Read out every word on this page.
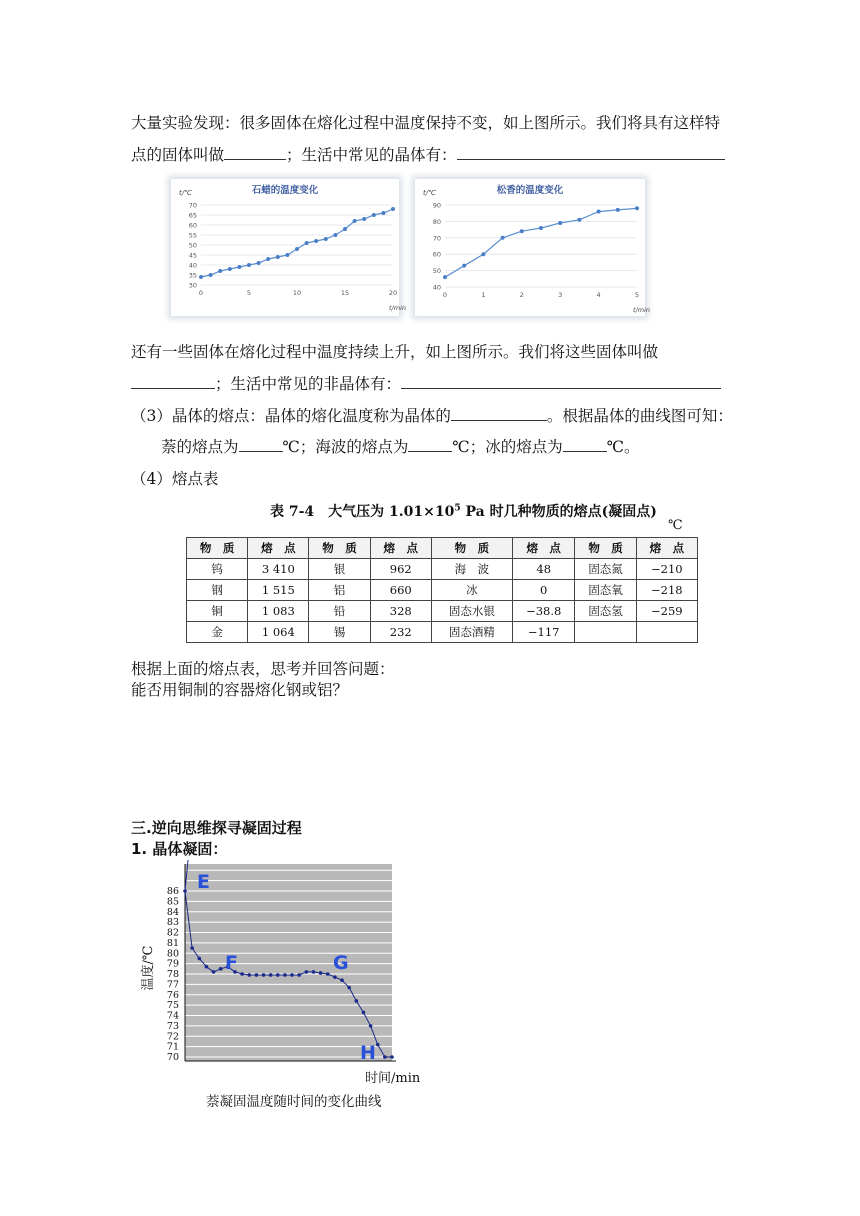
大量实验发现：很多固体在熔化过程中温度保持不变，如上图所示。我们将具有这样特
点的固体叫做	；生活中常见的晶体有：
石蜡的温度变化
t/℃
t/min
30
35
40
45
50
55
60
65
70
0	5	10	15	20
松香的温度变化
t/℃
t/min
40
50
60
70
80
90
0	1	2	3	4	5
还有一些固体在熔化过程中温度持续上升，如上图所示。我们将这些固体叫做
；生活中常见的非晶体有：
（3）晶体的熔点：晶体的熔化温度称为晶体的	。根据晶体的曲线图可知：
萘的熔点为	℃；海波的熔点为	℃；冰的熔点为	℃。
（4）熔点表
表 7-4　大气压为 $1.01\times 10^5$ Pa 时几种物质的熔点(凝固点)
℃
物　质	熔　点	物　质	熔　点	物　质	熔　点	物　质	熔　点
钨	3 410	银	962	海　波	48	固态氮	−210
钢	1 515	铝	660	冰	0	固态氧	−218
铜	1 083	铅	328	固态水银	−38.8	固态氢	−259
金	1 064	锡	232	固态酒精	−117		
根据上面的熔点表，思考并回答问题：
能否用铜制的容器熔化钢或铝？
三.逆向思维探寻凝固过程
1. 晶体凝固：
70
71
72
73
74
75
76
77
78
79
80
81
82
83
84
85
86
温度/℃
时间/min
E
F	G
H
萘凝固温度随时间的变化曲线
